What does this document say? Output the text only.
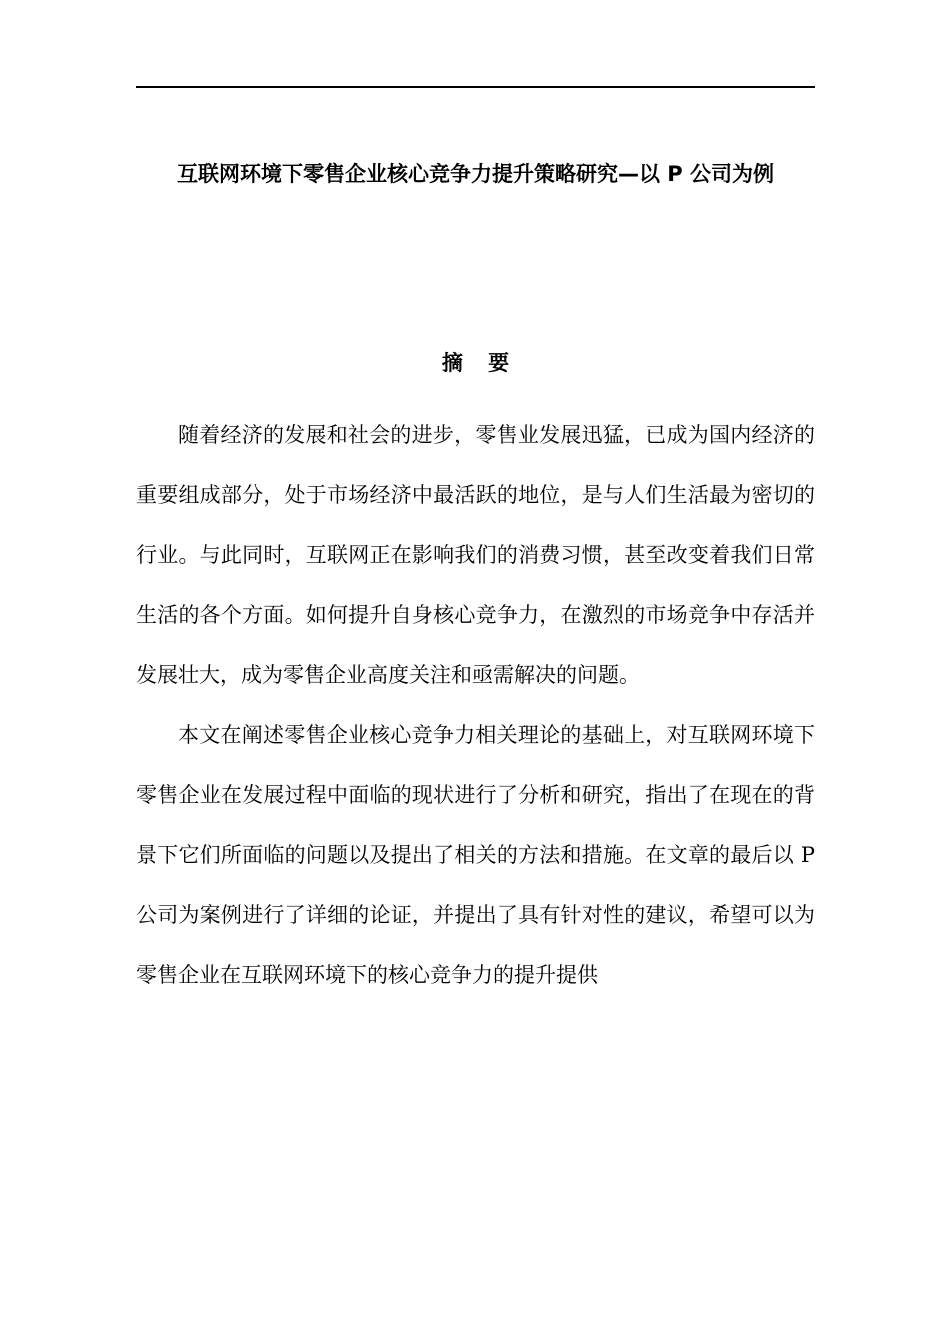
互联网环境下零售企业核心竞争力提升策略研究—以 P 公司为例
摘要

随着经济的发展和社会的进步，零售业发展迅猛，已成为国内经济的重要组成部分，处于市场经济中最活跃的地位，是与人们生活最为密切的行业。与此同时，互联网正在影响我们的消费习惯，甚至改变着我们日常生活的各个方面。如何提升自身核心竞争力，在激烈的市场竞争中存活并发展壮大，成为零售企业高度关注和亟需解决的问题。

本文在阐述零售企业核心竞争力相关理论的基础上，对互联网环境下零售企业在发展过程中面临的现状进行了分析和研究，指出了在现在的背景下它们所面临的问题以及提出了相关的方法和措施。在文章的最后以 P 公司为案例进行了详细的论证，并提出了具有针对性的建议，希望可以为零售企业在互联网环境下的核心竞争力的提升提供
